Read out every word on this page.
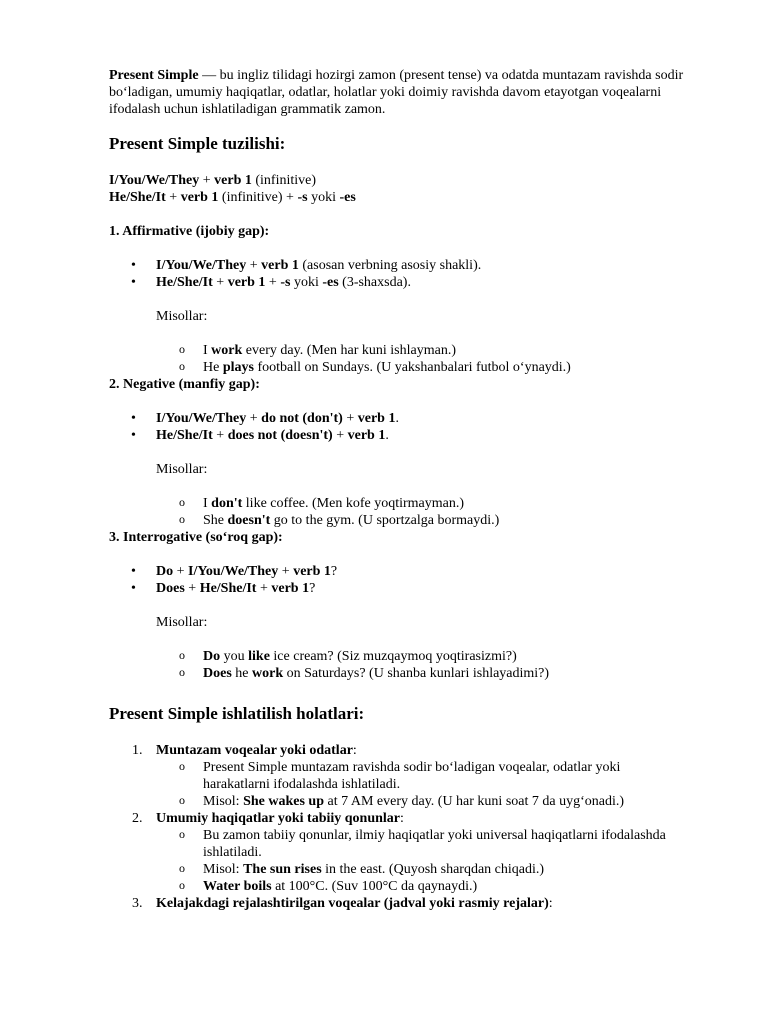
Present Simple — bu ingliz tilidagi hozirgi zamon (present tense) va odatda muntazam ravishda sodir bo‘ladigan, umumiy haqiqatlar, odatlar, holatlar yoki doimiy ravishda davom etayotgan voqealarni ifodalash uchun ishlatiladigan grammatik zamon.

Present Simple tuzilishi:

I/You/We/They + verb 1 (infinitive)

He/She/It + verb 1 (infinitive) + -s yoki -es

1. Affirmative (ijobiy gap):

• I/You/We/They + verb 1 (asosan verbning asosiy shakli).
• He/She/It + verb 1 + -s yoki -es (3-shaxsda).

Misollar:

o I work every day. (Men har kuni ishlayman.)
o He plays football on Sundays. (U yakshanbalari futbol o‘ynaydi.)

2. Negative (manfiy gap):

• I/You/We/They + do not (don't) + verb 1.
• He/She/It + does not (doesn't) + verb 1.

Misollar:

o I don't like coffee. (Men kofe yoqtirmayman.)
o She doesn't go to the gym. (U sportzalga bormaydi.)

3. Interrogative (so‘roq gap):

• Do + I/You/We/They + verb 1?
• Does + He/She/It + verb 1?

Misollar:

o Do you like ice cream? (Siz muzqaymoq yoqtirasizmi?)
o Does he work on Saturdays? (U shanba kunlari ishlayadimi?)
Present Simple ishlatilish holatlari:
1. Muntazam voqealar yoki odatlar:
o Present Simple muntazam ravishda sodir bo‘ladigan voqealar, odatlar yoki harakatlarni ifodalashda ishlatiladi.
o Misol: She wakes up at 7 AM every day. (U har kuni soat 7 da uyg‘onadi.)
2. Umumiy haqiqatlar yoki tabiiy qonunlar:
o Bu zamon tabiiy qonunlar, ilmiy haqiqatlar yoki universal haqiqatlarni ifodalashda ishlatiladi.
o Misol: The sun rises in the east. (Quyosh sharqdan chiqadi.)
o Water boils at 100°C. (Suv 100°C da qaynaydi.)
3. Kelajakdagi rejalashtirilgan voqealar (jadval yoki rasmiy rejalar):
